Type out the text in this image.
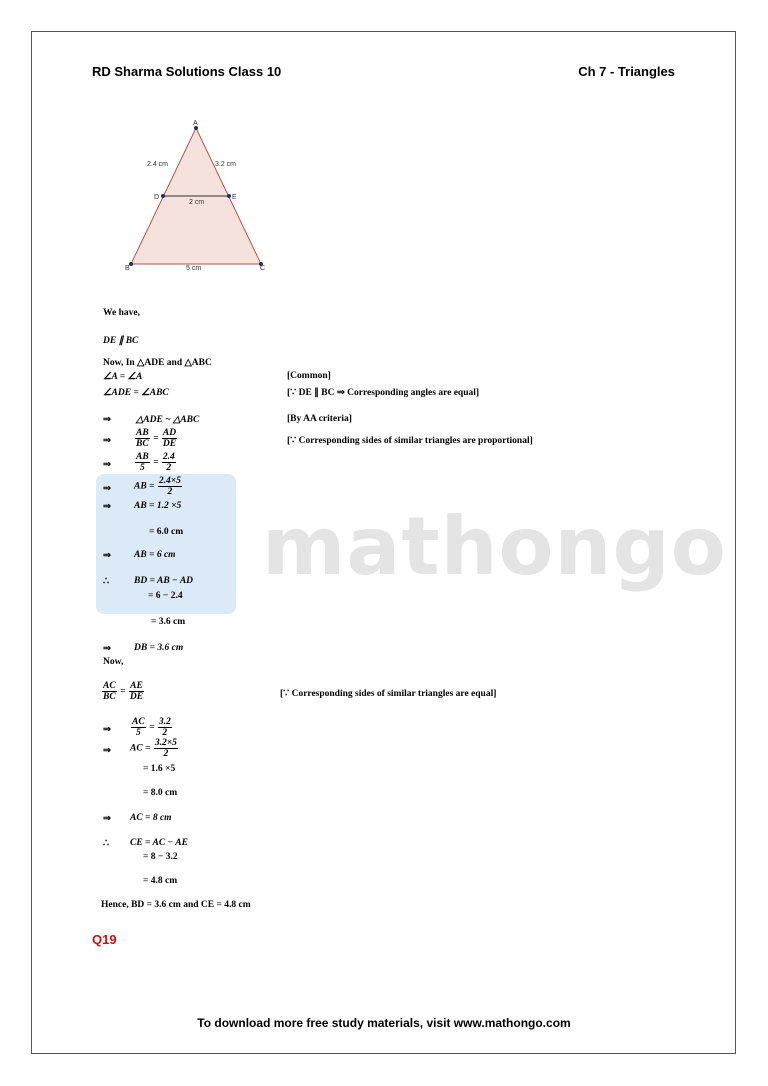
RD Sharma Solutions Class 10	Ch 7 - Triangles
A
B	C
D	E
2.4 cm	3.2 cm
2 cm
5 cm
mathongo
We have,
DE ∥ BC
Now, In △ADE and △ABC
∠A = ∠A	[Common]
∠ADE = ∠ABC	[∵ DE ∥ BC ⇒ Corresponding angles are equal]
⇒	△ADE ~ △ABC	[By AA criteria]
⇒	$\frac{AB}{BC} = \frac{AD}{DE}$	[∵ Corresponding sides of similar triangles are proportional]
⇒	$\frac{AB}{5} = \frac{2.4}{2}$
⇒ AB = $\frac{2.4\times 5}{2}$
⇒ AB = 1.2 ×5
= 6.0 cm
⇒ AB = 6 cm
∴	BD = AB − AD
= 6 − 2.4
= 3.6 cm
⇒ DB = 3.6 cm
Now,
$\frac{AC}{BC} = \frac{AE}{DE}$	[∵ Corresponding sides of similar triangles are equal]
⇒ $\frac{AC}{5} = \frac{3.2}{2}$
⇒ AC = $\frac{3.2\times 5}{2}$
= 1.6 ×5
= 8.0 cm
⇒ AC = 8 cm
∴ CE = AC − AE
= 8 − 3.2
= 4.8 cm
Hence, BD = 3.6 cm and CE = 4.8 cm
Q19
To download more free study materials, visit www.mathongo.com
